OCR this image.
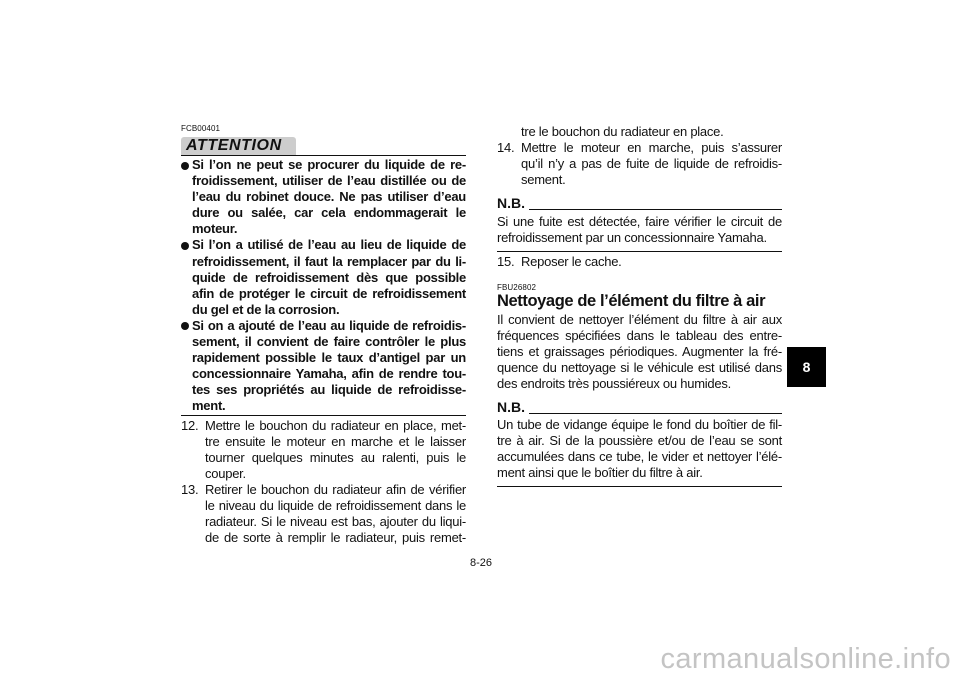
FCB00401
ATTENTION
Si l’on ne peut se procurer du liquide de re-
froidissement, utiliser de l’eau distillée ou de
l’eau du robinet douce. Ne pas utiliser d’eau
dure ou salée, car cela endommagerait le
moteur.
Si l’on a utilisé de l’eau au lieu de liquide de
refroidissement, il faut la remplacer par du li-
quide de refroidissement dès que possible
afin de protéger le circuit de refroidissement
du gel et de la corrosion.
Si on a ajouté de l’eau au liquide de refroidis-
sement, il convient de faire contrôler le plus
rapidement possible le taux d’antigel par un
concessionnaire Yamaha, afin de rendre tou-
tes ses propriétés au liquide de refroidisse-
ment.
12. Mettre le bouchon du radiateur en place, met-
tre ensuite le moteur en marche et le laisser
tourner quelques minutes au ralenti, puis le
couper.
13. Retirer le bouchon du radiateur afin de vérifier
le niveau du liquide de refroidissement dans le
radiateur. Si le niveau est bas, ajouter du liqui-
de de sorte à remplir le radiateur, puis remet-
tre le bouchon du radiateur en place.
14. Mettre le moteur en marche, puis s’assurer
qu’il n’y a pas de fuite de liquide de refroidis-
sement.
N.B.
Si une fuite est détectée, faire vérifier le circuit de
refroidissement par un concessionnaire Yamaha.
15. Reposer le cache.
FBU26802
Nettoyage de l’élément du filtre à air
Il convient de nettoyer l’élément du filtre à air aux
fréquences spécifiées dans le tableau des entre-
tiens et graissages périodiques. Augmenter la fré-
quence du nettoyage si le véhicule est utilisé dans
des endroits très poussiéreux ou humides.
N.B.
Un tube de vidange équipe le fond du boîtier de fil-
tre à air. Si de la poussière et/ou de l’eau se sont
accumulées dans ce tube, le vider et nettoyer l’élé-
ment ainsi que le boîtier du filtre à air.
8
8-26
carmanualsonline.info
